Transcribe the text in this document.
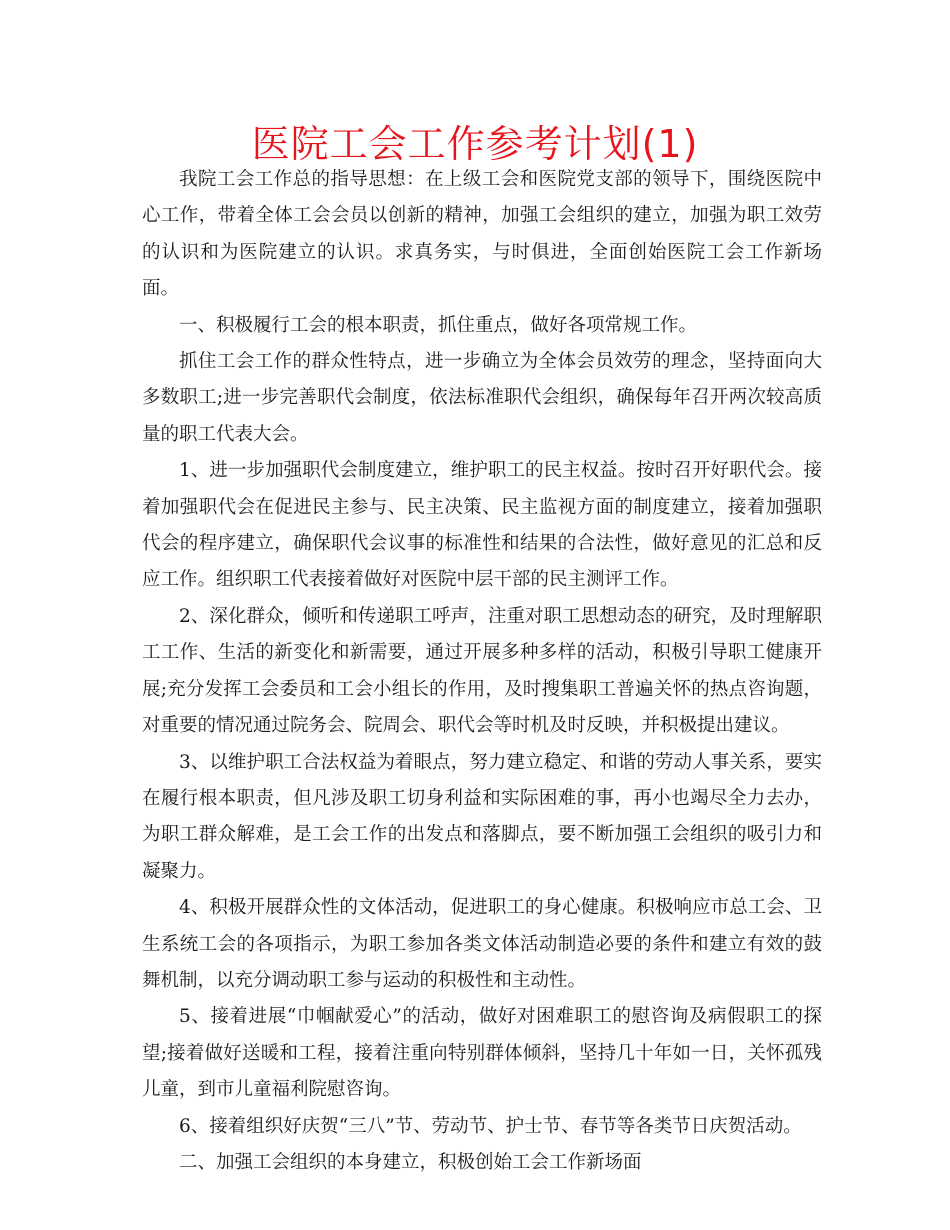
医院工会工作参考计划(1)

我院工会工作总的指导思想：在上级工会和医院党支部的领导下，围绕医院中心工作，带着全体工会会员以创新的精神，加强工会组织的建立，加强为职工效劳的认识和为医院建立的认识。求真务实，与时俱进，全面创始医院工会工作新场面。

一、积极履行工会的根本职责，抓住重点，做好各项常规工作。

抓住工会工作的群众性特点，进一步确立为全体会员效劳的理念，坚持面向大多数职工;进一步完善职代会制度，依法标准职代会组织，确保每年召开两次较高质量的职工代表大会。

1、进一步加强职代会制度建立，维护职工的民主权益。按时召开好职代会。接着加强职代会在促进民主参与、民主决策、民主监视方面的制度建立，接着加强职代会的程序建立，确保职代会议事的标准性和结果的合法性，做好意见的汇总和反应工作。组织职工代表接着做好对医院中层干部的民主测评工作。

2、深化群众，倾听和传递职工呼声，注重对职工思想动态的研究，及时理解职工工作、生活的新变化和新需要，通过开展多种多样的活动，积极引导职工健康开展;充分发挥工会委员和工会小组长的作用，及时搜集职工普遍关怀的热点咨询题，对重要的情况通过院务会、院周会、职代会等时机及时反映，并积极提出建议。

3、以维护职工合法权益为着眼点，努力建立稳定、和谐的劳动人事关系，要实在履行根本职责，但凡涉及职工切身利益和实际困难的事，再小也竭尽全力去办，为职工群众解难，是工会工作的出发点和落脚点，要不断加强工会组织的吸引力和凝聚力。

4、积极开展群众性的文体活动，促进职工的身心健康。积极响应市总工会、卫生系统工会的各项指示，为职工参加各类文体活动制造必要的条件和建立有效的鼓舞机制，以充分调动职工参与运动的积极性和主动性。

5、接着进展“巾帼献爱心”的活动，做好对困难职工的慰咨询及病假职工的探望;接着做好送暖和工程，接着注重向特别群体倾斜，坚持几十年如一日，关怀孤残儿童，到市儿童福利院慰咨询。

6、接着组织好庆贺“三八”节、劳动节、护士节、春节等各类节日庆贺活动。

二、加强工会组织的本身建立，积极创始工会工作新场面
